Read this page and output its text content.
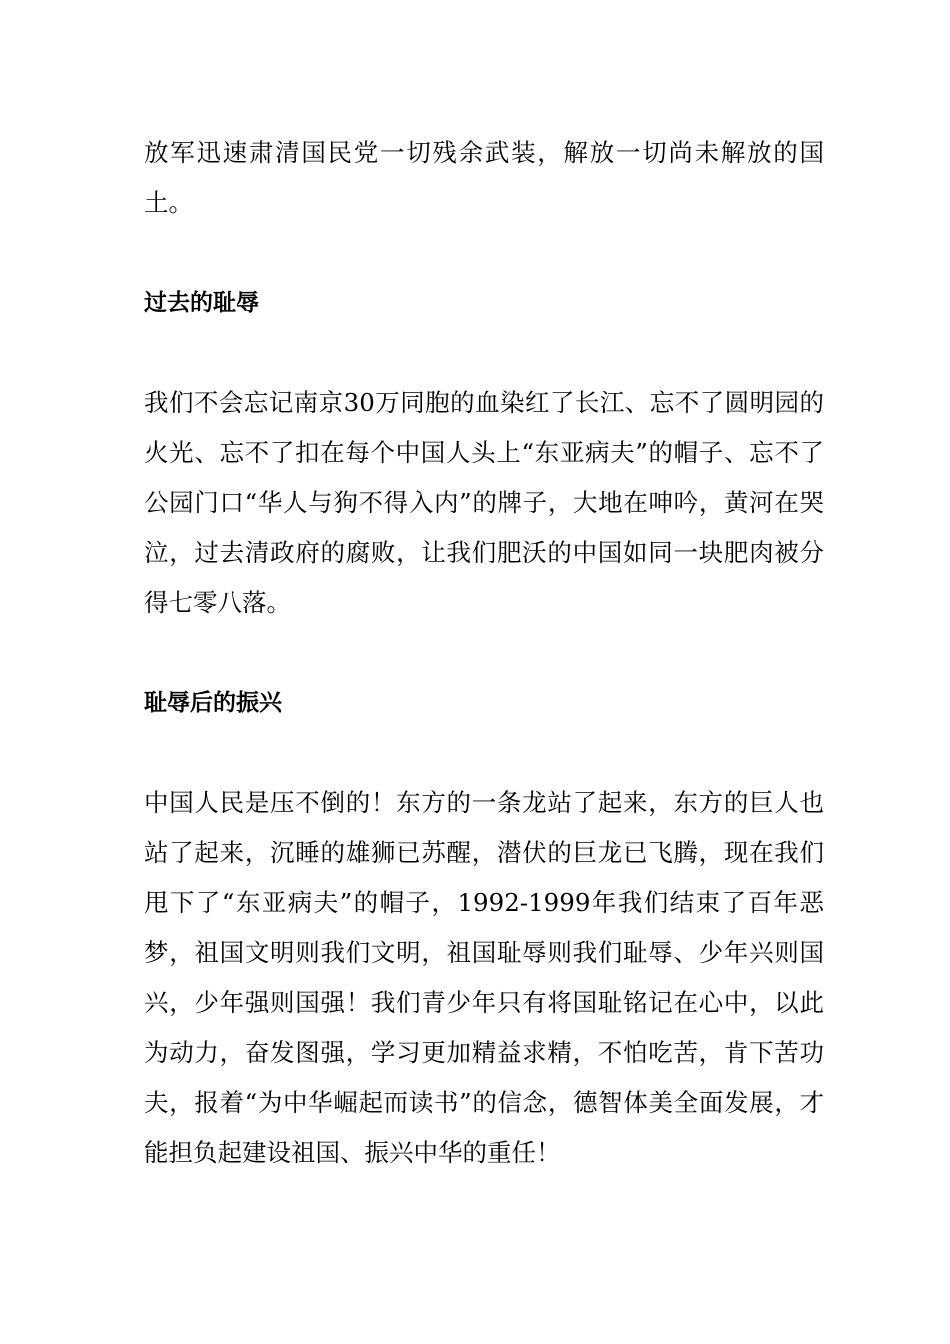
放军迅速肃清国民党一切残余武装，解放一切尚未解放的国土。

过去的耻辱

我们不会忘记南京30万同胞的血染红了长江、忘不了圆明园的火光、忘不了扣在每个中国人头上“东亚病夫”的帽子、忘不了公园门口“华人与狗不得入内”的牌子，大地在呻吟，黄河在哭泣，过去清政府的腐败，让我们肥沃的中国如同一块肥肉被分得七零八落。

耻辱后的振兴

中国人民是压不倒的！东方的一条龙站了起来，东方的巨人也站了起来，沉睡的雄狮已苏醒，潜伏的巨龙已飞腾，现在我们甩下了“东亚病夫”的帽子，1992-1999年我们结束了百年恶梦，祖国文明则我们文明，祖国耻辱则我们耻辱、少年兴则国兴，少年强则国强！我们青少年只有将国耻铭记在心中，以此为动力，奋发图强，学习更加精益求精，不怕吃苦，肯下苦功夫，报着“为中华崛起而读书”的信念，德智体美全面发展，才能担负起建设祖国、振兴中华的重任！
